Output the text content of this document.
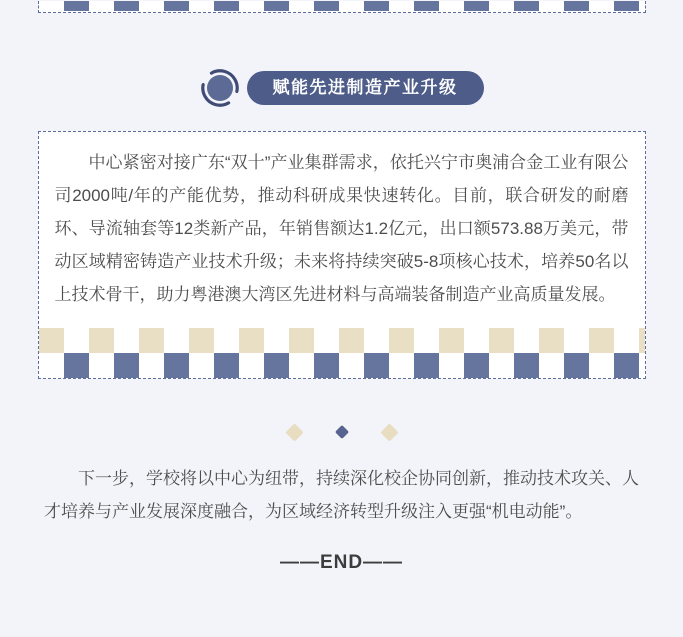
赋能先进制造产业升级

中心紧密对接广东“双十”产业集群需求，依托兴宁市奥浦合金工业有限公司2000吨/年的产能优势，推动科研成果快速转化。目前，联合研发的耐磨环、导流轴套等12类新产品，年销售额达1.2亿元，出口额573.88万美元，带动区域精密铸造产业技术升级；未来将持续突破5-8项核心技术，培养50名以上技术骨干，助力粤港澳大湾区先进材料与高端装备制造产业高质量发展。

下一步，学校将以中心为纽带，持续深化校企协同创新，推动技术攻关、人才培养与产业发展深度融合，为区域经济转型升级注入更强“机电动能”。

——END——
